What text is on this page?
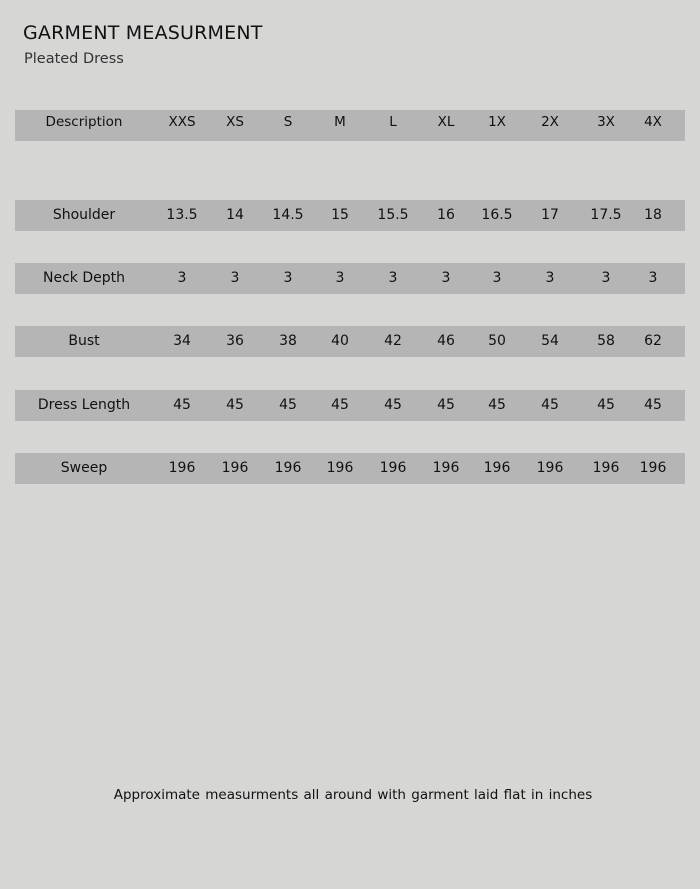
GARMENT MEASURMENT
Pleated Dress
Description	XXS	XS	S	M	L	XL	1X	2X	3X	4X
Shoulder	13.5	14	14.5	15	15.5	16	16.5	17	17.5	18
Neck Depth	3	3	3	3	3	3	3	3	3	3
Bust	34	36	38	40	42	46	50	54	58	62
Dress Length	45	45	45	45	45	45	45	45	45	45
Sweep	196	196	196	196	196	196	196	196	196	196
Approximate measurments all around with garment laid flat in inches
